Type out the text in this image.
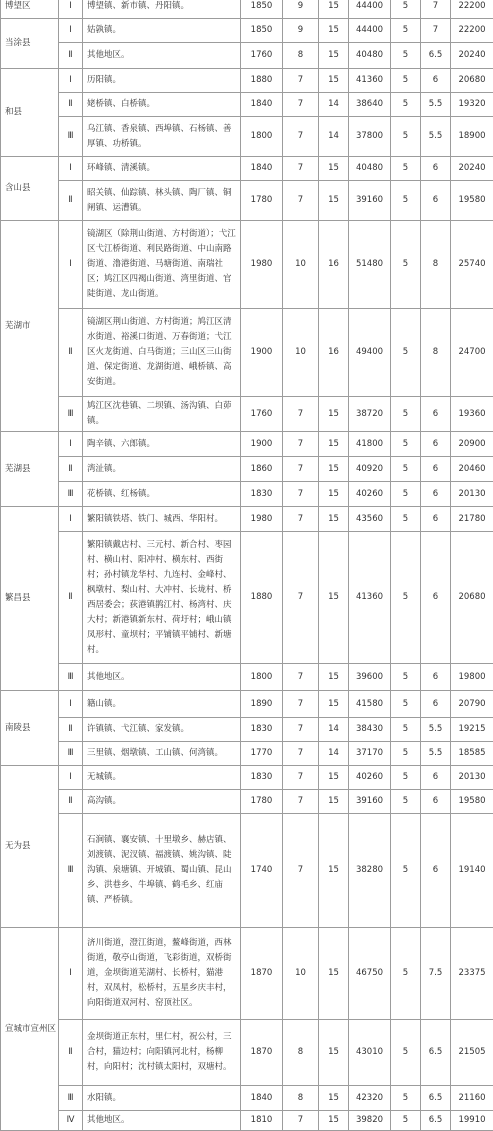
博望区	Ⅰ	博望镇、新市镇、丹阳镇。	1850	9	15	44400	5	7	22200	
当涂县	Ⅰ	姑孰镇。	1850	9	15	44400	5	7	22200	
	Ⅱ	其他地区。	1760	8	15	40480	5	6.5	20240	
和县	Ⅰ	历阳镇。	1880	7	15	41360	5	6	20680	
	Ⅱ	姥桥镇、白桥镇。	1840	7	14	38640	5	5.5	19320	
	Ⅲ	乌江镇、香泉镇、西埠镇、石杨镇、善厚镇、功桥镇。	1800	7	14	37800	5	5.5	18900	
含山县	Ⅰ	环峰镇、清溪镇。	1840	7	15	40480	5	6	20240	
	Ⅱ	昭关镇、仙踪镇、林头镇、陶厂镇、铜闸镇、运漕镇。	1780	7	15	39160	5	6	19580	
芜湖市	Ⅰ	镜湖区（除荆山街道、方村街道）；弋江区弋江桥街道、利民路街道、中山南路街道、澛港街道、马塘街道、南瑞社区；鸠江区四褐山街道、湾里街道、官陡街道、龙山街道。	1980	10	16	51480	5	8	25740	
	Ⅱ	镜湖区荆山街道、方村街道；鸠江区清水街道、裕溪口街道、万春街道；弋江区火龙街道、白马街道；三山区三山街道、保定街道、龙湖街道、峨桥镇、高安街道。	1900	10	16	49400	5	8	24700	
	Ⅲ	鸠江区沈巷镇、二坝镇、汤沟镇、白茆镇。	1760	7	15	38720	5	6	19360	
芜湖县	Ⅰ	陶辛镇、六郎镇。	1900	7	15	41800	5	6	20900	
	Ⅱ	湾沚镇。	1860	7	15	40920	5	6	20460	
	Ⅲ	花桥镇、红杨镇。	1830	7	15	40260	5	6	20130	
繁昌县	Ⅰ	繁阳镇铁塔、铁门、城西、华阳村。	1980	7	15	43560	5	6	21780	
	Ⅱ	繁阳镇戴店村、三元村、新合村、枣园村、横山村、阳冲村、横东村、西街村；孙村镇龙华村、九连村、金峰村、枫墩村、梨山村、大冲村、长垅村、桥西居委会；荻港镇鹊江村、杨湾村、庆大村；新港镇新东村、荷圩村；峨山镇凤形村、童坝村；平铺镇平铺村、新塘村。	1880	7	15	41360	5	6	20680	
	Ⅲ	其他地区。	1800	7	15	39600	5	6	19800	
南陵县	Ⅰ	籍山镇。	1890	7	15	41580	5	6	20790	
	Ⅱ	许镇镇、弋江镇、家发镇。	1830	7	14	38430	5	5.5	19215	
	Ⅲ	三里镇、烟墩镇、工山镇、何湾镇。	1770	7	14	37170	5	5.5	18585	
无为县	Ⅰ	无城镇。	1830	7	15	40260	5	6	20130	
	Ⅱ	高沟镇。	1780	7	15	39160	5	6	19580	
	Ⅲ	石涧镇、襄安镇、十里墩乡、赫店镇、刘渡镇、泥汊镇、福渡镇、姚沟镇、陡沟镇、泉塘镇、开城镇、蜀山镇、昆山乡、洪巷乡、牛埠镇、鹤毛乡、红庙镇、严桥镇。	1740	7	15	38280	5	6	19140	
宣城市宣州区	Ⅰ	济川街道，澄江街道，鳌峰街道，西林街道，敬亭山街道，飞彩街道，双桥街道，金坝街道芜湖村、长桥村，猫港村，双凤村，松桥村，五星乡庆丰村，向阳街道双河村、窑顶社区。	1870	10	15	46750	5	7.5	23375	
	Ⅱ	金坝街道正东村，里仁村，祝公村，三合村，猫边村；向阳镇河北村，杨柳村，向阳村；沈村镇太阳村，双塘村。	1870	8	15	43010	5	6.5	21505	
	Ⅲ	水阳镇。	1840	8	15	42320	5	6.5	21160	
	Ⅳ	其他地区。	1810	7	15	39820	5	6.5	19910	
